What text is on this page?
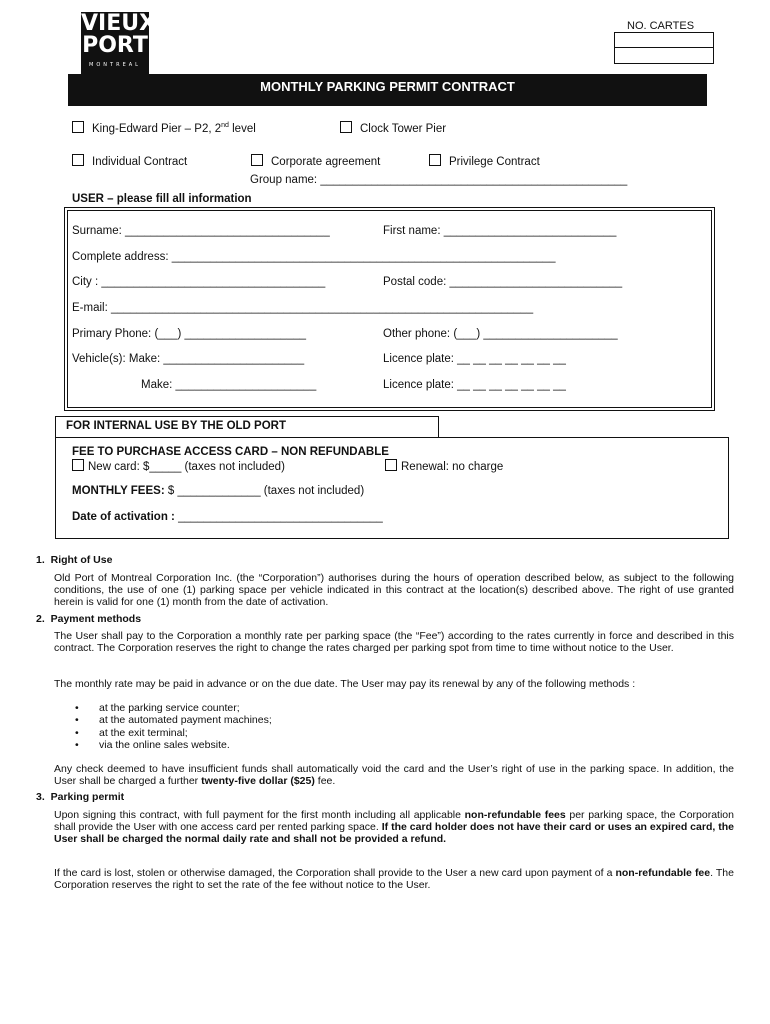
VIEUX
PORT
MONTREAL
NO. CARTES
MONTHLY PARKING PERMIT CONTRACT
King-Edward Pier – P2, 2nd level	Clock Tower Pier
Individual Contract	Corporate agreement	Privilege Contract
Group name: ________________________________________________
USER – please fill all information
Surname: ________________________________	First name: ___________________________
Complete address: ____________________________________________________________
City : ___________________________________	Postal code: ___________________________
E-mail: __________________________________________________________________
Primary Phone: (___) ___________________	Other phone: (___) _____________________
Vehicle(s): Make: ______________________	Licence plate: __ __ __ __ __ __ __
Make: ______________________	Licence plate: __ __ __ __ __ __ __
FOR INTERNAL USE BY THE OLD PORT
FEE TO PURCHASE ACCESS CARD – NON REFUNDABLE
New card: $_____ (taxes not included)	Renewal: no charge
MONTHLY FEES: $ _____________ (taxes not included)
Date of activation : ________________________________
1. Right of Use
Old Port of Montreal Corporation Inc. (the “Corporation”) authorises during the hours of operation described below, as subject to the following conditions, the use of one (1) parking space per vehicle indicated in this contract at the location(s) described above. The right of use granted herein is valid for one (1) month from the date of activation.
2. Payment methods
The User shall pay to the Corporation a monthly rate per parking space (the “Fee”) according to the rates currently in force and described in this contract. The Corporation reserves the right to change the rates charged per parking spot from time to time without notice to the User.
The monthly rate may be paid in advance or on the due date. The User may pay its renewal by any of the following methods :
• at the parking service counter;
• at the automated payment machines;
• at the exit terminal;
• via the online sales website.
Any check deemed to have insufficient funds shall automatically void the card and the User’s right of use in the parking space. In addition, the User shall be charged a further twenty-five dollar ($25) fee.
3. Parking permit
Upon signing this contract, with full payment for the first month including all applicable non-refundable fees per parking space, the Corporation shall provide the User with one access card per rented parking space. If the card holder does not have their card or uses an expired card, the User shall be charged the normal daily rate and shall not be provided a refund.
If the card is lost, stolen or otherwise damaged, the Corporation shall provide to the User a new card upon payment of a non-refundable fee. The Corporation reserves the right to set the rate of the fee without notice to the User.
